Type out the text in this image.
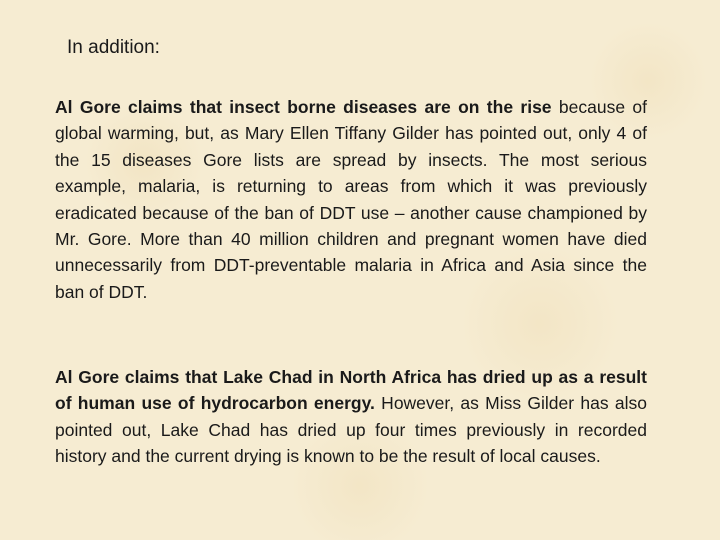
In addition:

Al Gore claims that insect borne diseases are on the rise because of global warming, but, as Mary Ellen Tiffany Gilder has pointed out, only 4 of the 15 diseases Gore lists are spread by insects. The most serious example, malaria, is returning to areas from which it was previously eradicated because of the ban of DDT use – another cause championed by Mr. Gore. More than 40 million children and pregnant women have died unnecessarily from DDT-preventable malaria in Africa and Asia since the ban of DDT.

Al Gore claims that Lake Chad in North Africa has dried up as a result of human use of hydrocarbon energy. However, as Miss Gilder has also pointed out, Lake Chad has dried up four times previously in recorded history and the current drying is known to be the result of local causes.
